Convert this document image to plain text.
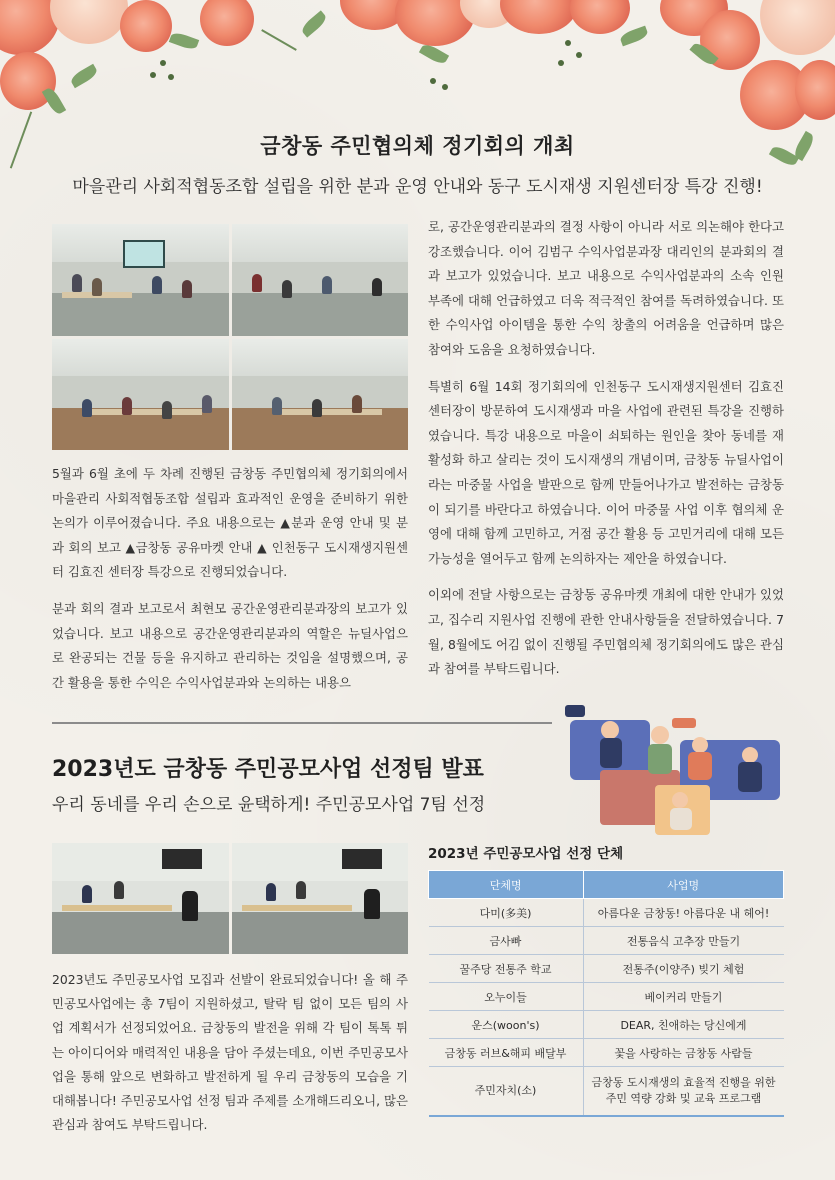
금창동 주민협의체 정기회의 개최
마을관리 사회적협동조합 설립을 위한 분과 운영 안내와 동구 도시재생 지원센터장 특강 진행!

5월과 6월 초에 두 차례 진행된 금창동 주민협의체 정기회의에서 마을관리 사회적협동조합 설립과 효과적인 운영을 준비하기 위한 논의가 이루어졌습니다. 주요 내용으로는 ▲분과 운영 안내 및 분과 회의 보고 ▲금창동 공유마켓 안내 ▲ 인천동구 도시재생지원센터 김효진 센터장 특강으로 진행되었습니다.

분과 회의 결과 보고로서 최현모 공간운영관리분과장의 보고가 있었습니다. 보고 내용으로 공간운영관리분과의 역할은 뉴딜사업으로 완공되는 건물 등을 유지하고 관리하는 것임을 설명했으며, 공간 활용을 통한 수익은 수익사업분과와 논의하는 내용으

로, 공간운영관리분과의 결정 사항이 아니라 서로 의논해야 한다고 강조했습니다. 이어 김범구 수익사업분과장 대리인의 분과회의 결과 보고가 있었습니다. 보고 내용으로 수익사업분과의 소속 인원 부족에 대해 언급하였고 더욱 적극적인 참여를 독려하였습니다. 또한 수익사업 아이템을 통한 수익 창출의 어려움을 언급하며 많은 참여와 도움을 요청하였습니다.

특별히 6월 14회 정기회의에 인천동구 도시재생지원센터 김효진 센터장이 방문하여 도시재생과 마을 사업에 관련된 특강을 진행하였습니다. 특강 내용으로 마을이 쇠퇴하는 원인을 찾아 동네를 재활성화 하고 살리는 것이 도시재생의 개념이며, 금창동 뉴딜사업이라는 마중물 사업을 발판으로 함께 만들어나가고 발전하는 금창동이 되기를 바란다고 하였습니다. 이어 마중물 사업 이후 협의체 운영에 대해 함께 고민하고, 거점 공간 활용 등 고민거리에 대해 모든 가능성을 열어두고 함께 논의하자는 제안을 하였습니다.

이외에 전달 사항으로는 금창동 공유마켓 개최에 대한 안내가 있었고, 집수리 지원사업 진행에 관한 안내사항들을 전달하였습니다. 7월, 8월에도 어김 없이 진행될 주민협의체 정기회의에도 많은 관심과 참여를 부탁드립니다.

2023년도 금창동 주민공모사업 선정팀 발표
우리 동네를 우리 손으로 윤택하게! 주민공모사업 7팀 선정

2023년도 주민공모사업 모집과 선발이 완료되었습니다! 올 해 주민공모사업에는 총 7팀이 지원하셨고, 탈락 팀 없이 모든 팀의 사업 계획서가 선정되었어요. 금창동의 발전을 위해 각 팀이 톡톡 튀는 아이디어와 매력적인 내용을 담아 주셨는데요, 이번 주민공모사업을 통해 앞으로 변화하고 발전하게 될 우리 금창동의 모습을 기대해봅니다! 주민공모사업 선정 팀과 주제를 소개해드리오니, 많은 관심과 참여도 부탁드립니다.

2023년 주민공모사업 선정 단체
단체명	사업명
다미(多美)	아름다운 금창동! 아름다운 내 헤어!
금사빠	전통음식 고추장 만들기
꿀주당 전통주 학교	전통주(이양주) 빚기 체험
오누이들	베이커리 만들기
운스(woon's)	DEAR, 친애하는 당신에게
금창동 러브&해피 배달부	꽃을 사랑하는 금창동 사람들
주민자치(소)	금창동 도시재생의 효율적 진행을 위한
주민 역량 강화 및 교육 프로그램
